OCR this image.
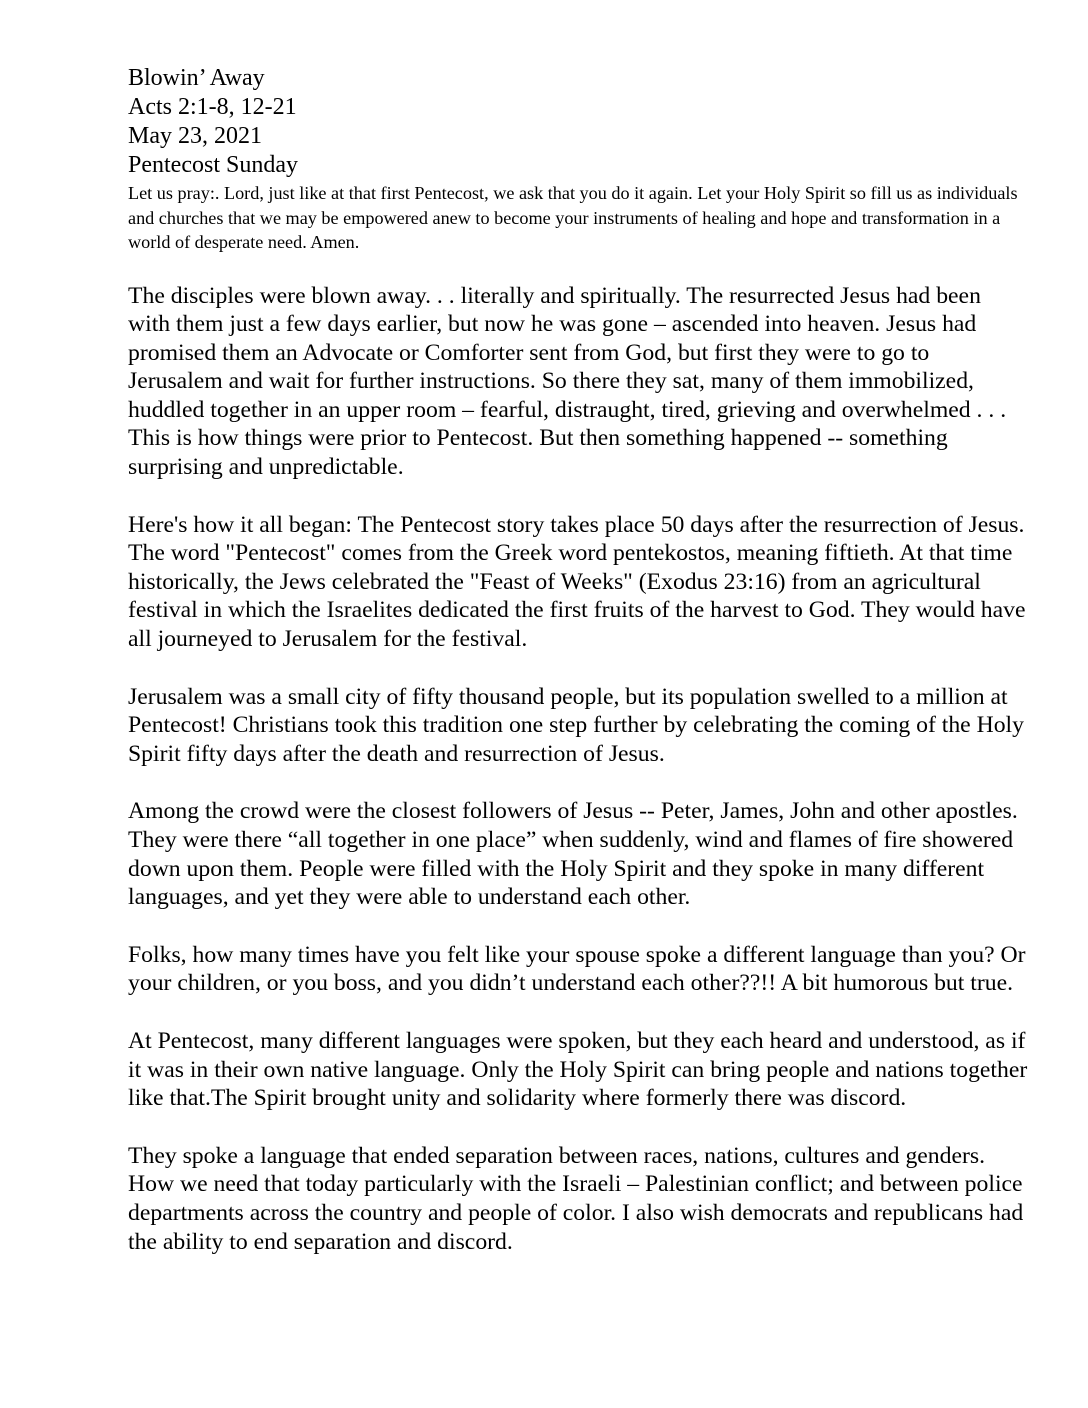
Blowin’ Away
Acts 2:1-8, 12-21
May 23, 2021
Pentecost Sunday

Let us pray:. Lord, just like at that first Pentecost, we ask that you do it again. Let your Holy Spirit so fill us as individuals and churches that we may be empowered anew to become your instruments of healing and hope and transformation in a world of desperate need. Amen.

The disciples were blown away. . . literally and spiritually. The resurrected Jesus had been with them just a few days earlier, but now he was gone – ascended into heaven. Jesus had promised them an Advocate or Comforter sent from God, but first they were to go to Jerusalem and wait for further instructions. So there they sat, many of them immobilized, huddled together in an upper room – fearful, distraught, tired, grieving and overwhelmed . . . This is how things were prior to Pentecost. But then something happened -- something surprising and unpredictable.

Here's how it all began: The Pentecost story takes place 50 days after the resurrection of Jesus. The word "Pentecost" comes from the Greek word pentekostos, meaning fiftieth. At that time historically, the Jews celebrated the "Feast of Weeks" (Exodus 23:16) from an agricultural festival in which the Israelites dedicated the first fruits of the harvest to God. They would have all journeyed to Jerusalem for the festival.

Jerusalem was a small city of fifty thousand people, but its population swelled to a million at Pentecost! Christians took this tradition one step further by celebrating the coming of the Holy Spirit fifty days after the death and resurrection of Jesus.

Among the crowd were the closest followers of Jesus -- Peter, James, John and other apostles. They were there “all together in one place” when suddenly, wind and flames of fire showered down upon them. People were filled with the Holy Spirit and they spoke in many different languages, and yet they were able to understand each other.

Folks, how many times have you felt like your spouse spoke a different language than you? Or your children, or you boss, and you didn’t understand each other??!! A bit humorous but true.

At Pentecost, many different languages were spoken, but they each heard and understood, as if it was in their own native language. Only the Holy Spirit can bring people and nations together like that.The Spirit brought unity and solidarity where formerly there was discord.

They spoke a language that ended separation between races, nations, cultures and genders. How we need that today particularly with the Israeli – Palestinian conflict; and between police departments across the country and people of color. I also wish democrats and republicans had the ability to end separation and discord.
